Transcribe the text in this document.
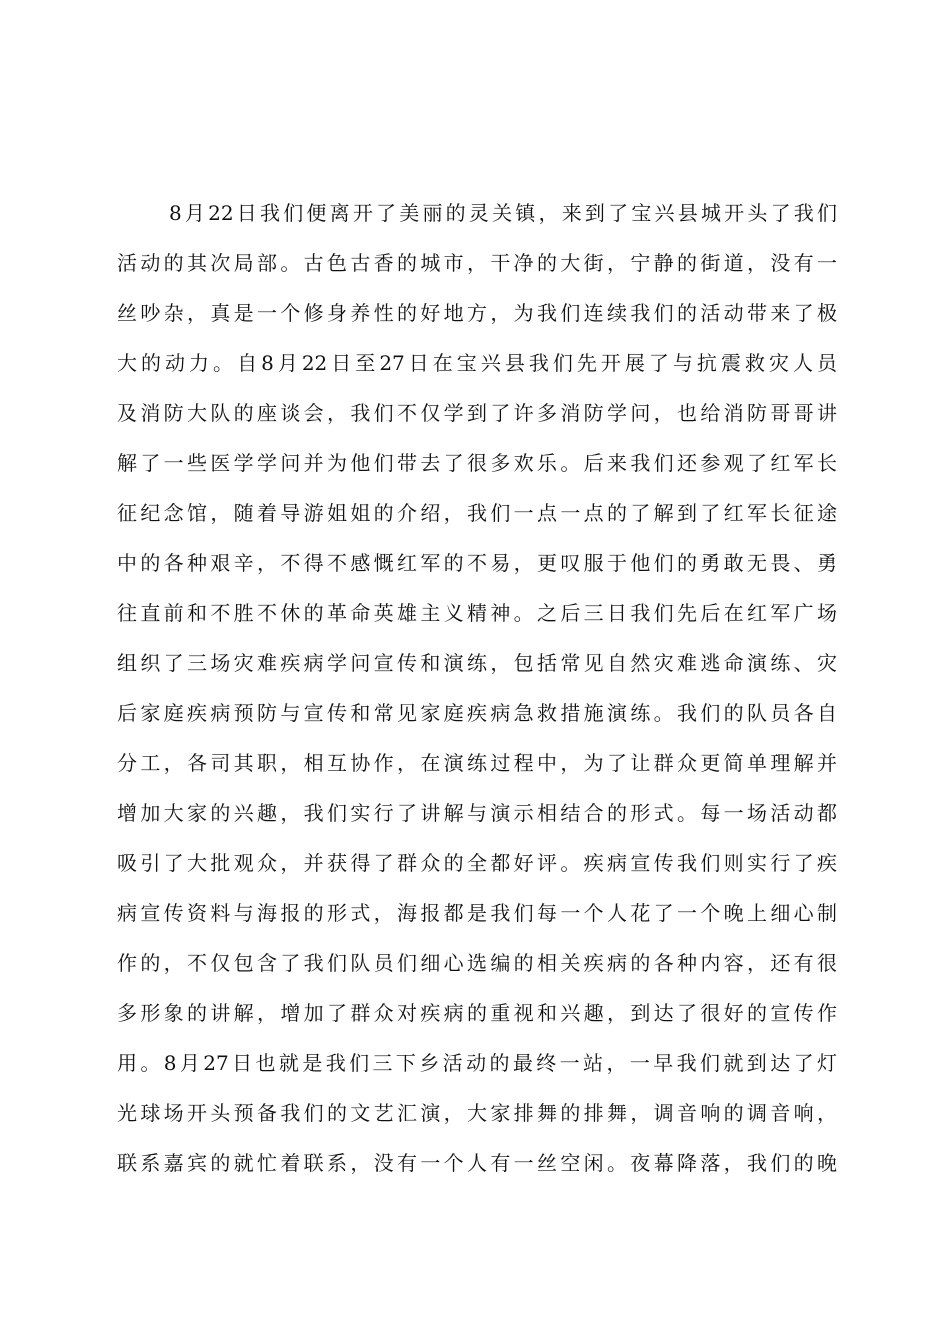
8月22日我们便离开了美丽的灵关镇，来到了宝兴县城开头了我们
活动的其次局部。古色古香的城市，干净的大街，宁静的街道，没有一
丝吵杂，真是一个修身养性的好地方，为我们连续我们的活动带来了极
大的动力。自8月22日至27日在宝兴县我们先开展了与抗震救灾人员
及消防大队的座谈会，我们不仅学到了许多消防学问，也给消防哥哥讲
解了一些医学学问并为他们带去了很多欢乐。后来我们还参观了红军长
征纪念馆，随着导游姐姐的介绍，我们一点一点的了解到了红军长征途
中的各种艰辛，不得不感慨红军的不易，更叹服于他们的勇敢无畏、勇
往直前和不胜不休的革命英雄主义精神。之后三日我们先后在红军广场
组织了三场灾难疾病学问宣传和演练，包括常见自然灾难逃命演练、灾
后家庭疾病预防与宣传和常见家庭疾病急救措施演练。我们的队员各自
分工，各司其职，相互协作，在演练过程中，为了让群众更简单理解并
增加大家的兴趣，我们实行了讲解与演示相结合的形式。每一场活动都
吸引了大批观众，并获得了群众的全都好评。疾病宣传我们则实行了疾
病宣传资料与海报的形式，海报都是我们每一个人花了一个晚上细心制
作的，不仅包含了我们队员们细心选编的相关疾病的各种内容，还有很
多形象的讲解，增加了群众对疾病的重视和兴趣，到达了很好的宣传作
用。8月27日也就是我们三下乡活动的最终一站，一早我们就到达了灯
光球场开头预备我们的文艺汇演，大家排舞的排舞，调音响的调音响，
联系嘉宾的就忙着联系，没有一个人有一丝空闲。夜幕降落，我们的晚
